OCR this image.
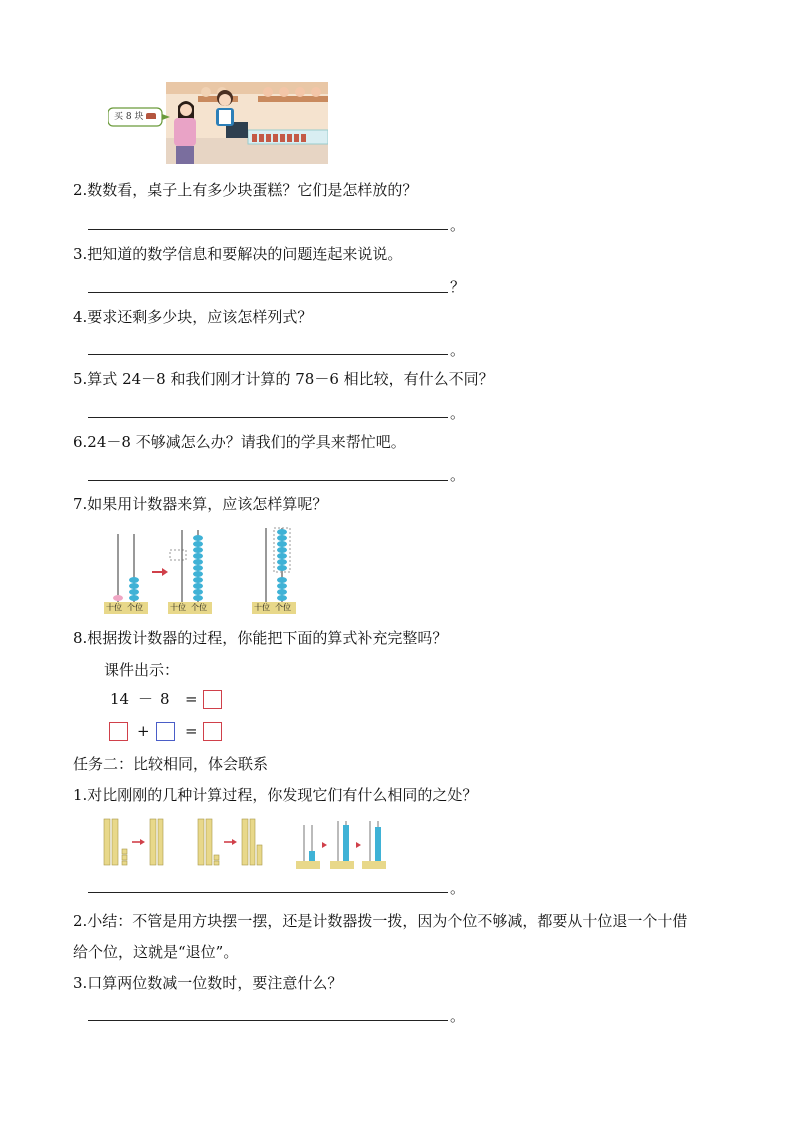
买 8 块
2.数数看，桌子上有多少块蛋糕？它们是怎样放的？
。
3.把知道的数学信息和要解决的问题连起来说说。
？
4.要求还剩多少块，应该怎样列式？
。
5.算式 24－8 和我们刚才计算的 78－6 相比较，有什么不同？
。
6.24－8 不够减怎么办？请我们的学具来帮忙吧。
。
7.如果用计数器来算，应该怎样算呢？
十位 个位	十位 个位	十位 个位
8.根据拨计数器的过程，你能把下面的算式补充完整吗？
课件出示：
14 － 8 =
+ =
任务二：比较相同，体会联系
1.对比刚刚的几种计算过程，你发现它们有什么相同的之处？
。
2.小结：不管是用方块摆一摆，还是计数器拨一拨，因为个位不够减，都要从十位退一个十借
给个位，这就是“退位”。
3.口算两位数减一位数时，要注意什么？
。
